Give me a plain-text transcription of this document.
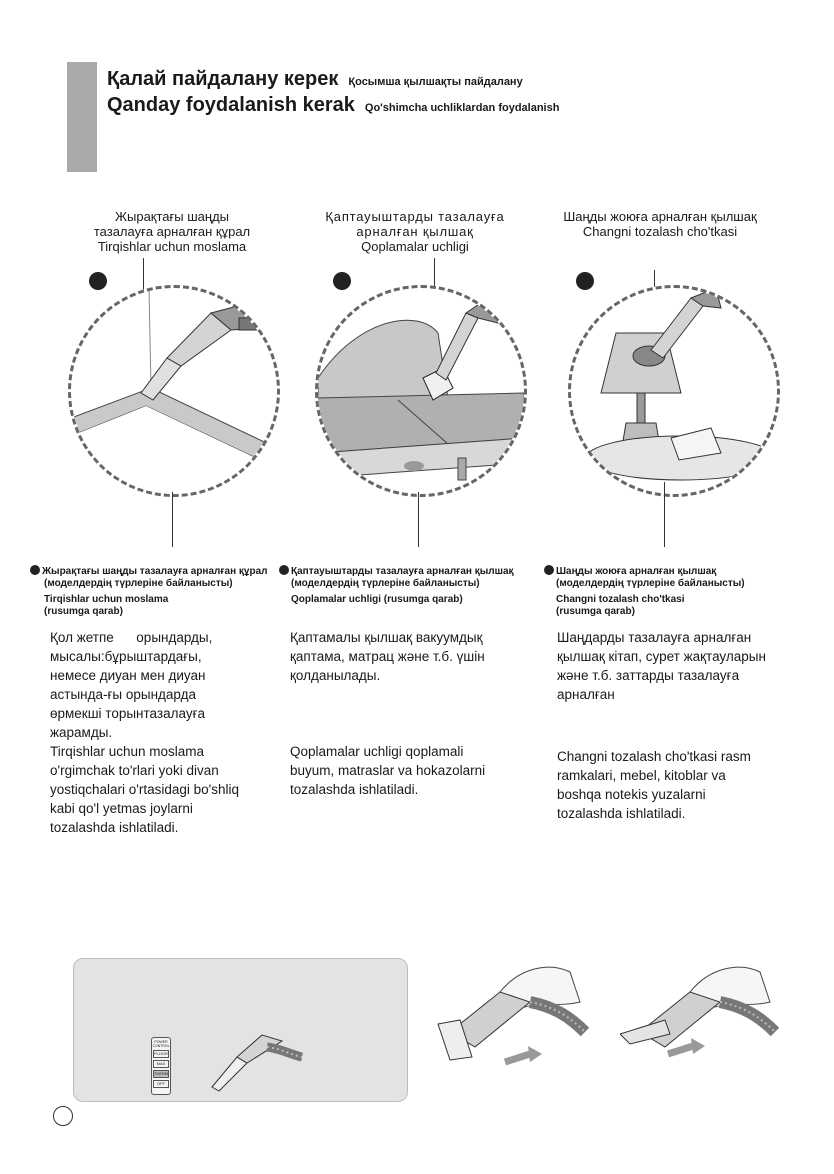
Қалай пайдалану керек Қосымша қылшақты пайдалану
Qanday foydalanish kerak Qo'shimcha uchliklardan foydalanish
Жырақтағы шаңды
тазалауға арналған құрал
Tirqishlar uchun moslama
Қаптауыштарды тазалауға
арналған қылшақ
Qoplamalar uchligi
Шаңды жоюға арналған қылшақ
Changni tozalash cho'tkasi
Жырақтағы шаңды тазалауға арналған құрал
(моделдердің түрлеріне байланысты)
Tirqishlar uchun moslama
(rusumga qarab)
Қаптауыштарды тазалауға арналған қылшақ
(моделдердің түрлеріне байланысты)
Qoplamalar uchligi (rusumga qarab)
Шаңды жоюға арналған қылшақ
(моделдердің түрлеріне байланысты)
Changni tozalash cho'tkasi
(rusumga qarab)
Қол жетпе      орындарды,
мысалы:бұрыштардағы,
немесе диуан мен диуан
астында-ғы орындарда
өрмекші торынтазалауға
жарамды.
Қаптамалы қылшақ вакуумдық
қаптама, матрац және т.б. үшін
қолданылады.
Шаңдарды тазалауға арналған
қылшақ кітап, сурет жақтауларын
және т.б. заттарды тазалауға
арналған
Tirqishlar uchun moslama
o'rgimchak to'rlari yoki divan
yostiqchalari o'rtasidagi bo'shliq
kabi qo'l yetmas joylarni
tozalashda ishlatiladi.
Qoplamalar uchligi qoplamali
buyum, matraslar va hokazolarni
tozalashda ishlatiladi.
Changni tozalash cho'tkasi rasm
ramkalari, mebel, kitoblar va
boshqa notekis yuzalarni
tozalashda ishlatiladi.
POWER CONTROL
FLOOR
MAX
THERM
OFF
